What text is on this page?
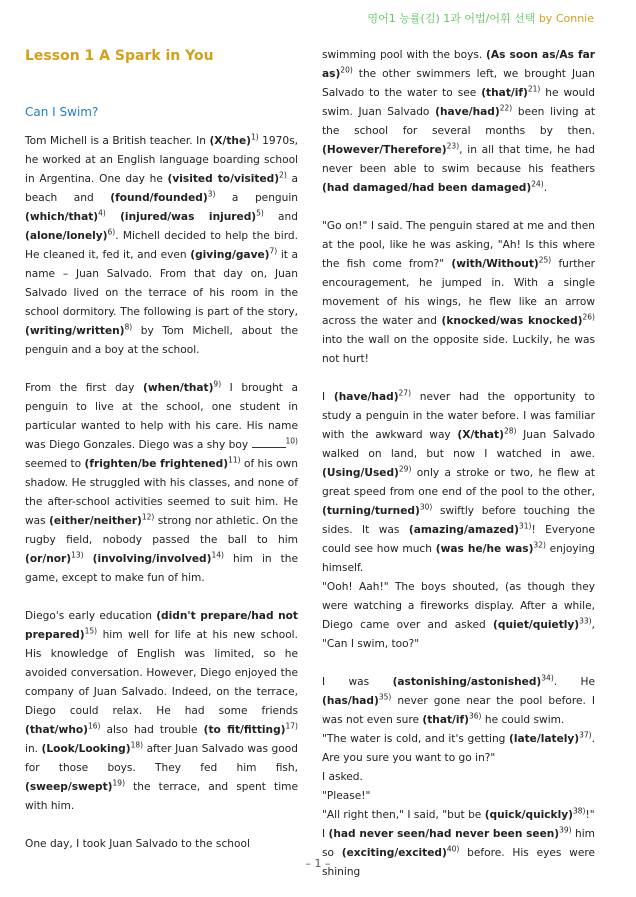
영어1 능률(김) 1과 어법/어휘 선택 by Connie
Lesson 1 A Spark in You
Can I Swim?

Tom Michell is a British teacher. In $(X/the)^{1)}$ 1970s, he worked at an English language boarding school in Argentina. One day he (visited to/visited)$^{2)}$ a beach and (found/founded)$^{3)}$ a penguin (which/that)$^{4)}$ (injured/was injured)$^{5)}$ and (alone/lonely)$^{6)}$. Michell decided to help the bird. He cleaned it, fed it, and even (giving/gave)$^{7)}$ it a name – Juan Salvado. From that day on, Juan Salvado lived on the terrace of his room in the school dormitory. The following is part of the story, (writing/written)$^{8)}$ by Tom Michell, about the penguin and a boy at the school.

From the first day (when/that)$^{9)}$ I brought a penguin to live at the school, one student in particular wanted to help with his care. His name was Diego Gonzales. Diego was a shy boy	$^{10)}$ seemed to (frighten/be frightened)$^{11)}$ of his own shadow. He struggled with his classes, and none of the after-school activities seemed to suit him. He was (either/neither)$^{12)}$ strong nor athletic. On the rugby field, nobody passed the ball to him $(or/nor)^{13)}$ (involving/involved)$^{14)}$ him in the game, except to make fun of him.

Diego's early education (didn't prepare/had not prepared)$^{15)}$ him well for life at his new school. His knowledge of English was limited, so he avoided conversation. However, Diego enjoyed the company of Juan Salvado. Indeed, on the terrace, Diego could relax. He had some friends (that/who)$^{16)}$ also had trouble (to fit/fitting)$^{17)}$ in. (Look/Looking)$^{18)}$ after Juan Salvado was good for those boys. They fed him fish, (sweep/swept)$^{19)}$ the terrace, and spent time with him.

One day, I took Juan Salvado to the school

swimming pool with the boys. (As soon as/As far as)$^{20)}$ the other swimmers left, we brought Juan Salvado to the water to see (that/if)$^{21)}$ he would swim. Juan Salvado (have/had)$^{22)}$ been living at the school for several months by then. (However/Therefore)$^{23)}$, in all that time, he had never been able to swim because his feathers (had damaged/had been damaged)$^{24)}$.

"Go on!" I said. The penguin stared at me and then at the pool, like he was asking, "Ah! Is this where the fish come from?" (with/Without)$^{25)}$ further encouragement, he jumped in. With a single movement of his wings, he flew like an arrow across the water and (knocked/was knocked)$^{26)}$ into the wall on the opposite side. Luckily, he was not hurt!

I (have/had)$^{27)}$ never had the opportunity to study a penguin in the water before. I was familiar with the awkward way (X/that)$^{28)}$ Juan Salvado walked on land, but now I watched in awe. (Using/Used)$^{29)}$ only a stroke or two, he flew at great speed from one end of the pool to the other, (turning/turned)$^{30)}$ swiftly before touching the sides. It was (amazing/amazed)$^{31)}$! Everyone could see how much (was he/he was)$^{32)}$ enjoying himself.

"Ooh! Aah!" The boys shouted, (as though they were watching a fireworks display. After a while, Diego came over and asked (quiet/quietly)$^{33)}$, "Can I swim, too?"

I was (astonishing/astonished)$^{34)}$. He $(has/had)^{35)}$ never gone near the pool before. I was not even sure (that/if)$^{36)}$ he could swim.

"The water is cold, and it's getting (late/lately)$^{37)}$. Are you sure you want to go in?"

I asked.

"Please!"

"All right then," I said, "but be (quick/quickly)$^{38)}$!"

I (had never seen/had never been seen)$^{39)}$ him so (exciting/excited)$^{40)}$ before. His eyes were shining

– 1 –
